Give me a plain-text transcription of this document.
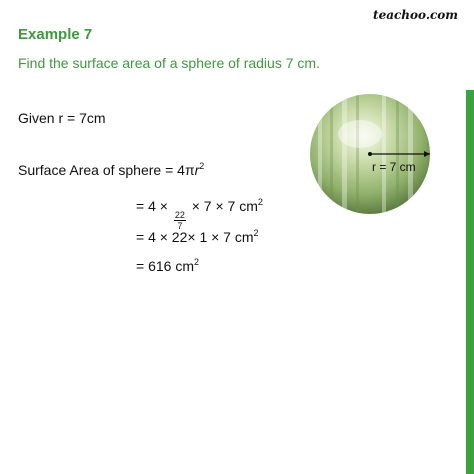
teachoo.com
Example 7
Find the surface area of a sphere of radius 7 cm.
Given r = 7cm
Surface Area of sphere = $4\pi r^2$
= 4 ×
$\frac{22}{7}$
× 7 × 7 $cm^2$
= 4 × 22× 1 × 7 $cm^2$
= 616 $cm^2$
r = 7 cm
